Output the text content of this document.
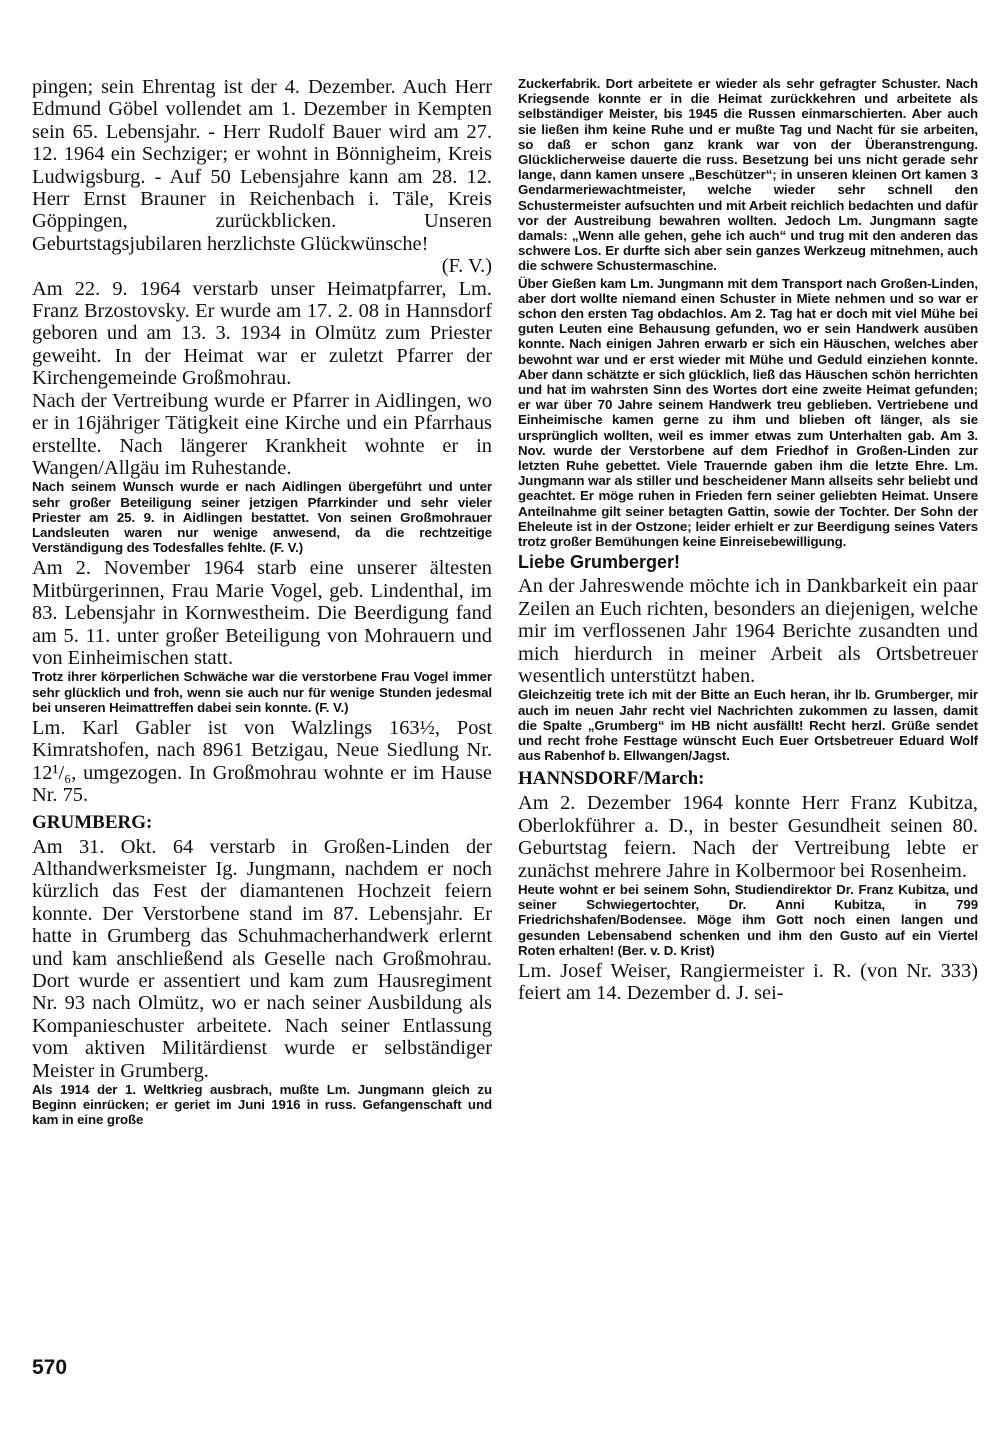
pingen; sein Ehrentag ist der 4. Dezember. Auch Herr Edmund Göbel vollendet am 1. Dezember in Kempten sein 65. Lebensjahr. - Herr Rudolf Bauer wird am 27. 12. 1964 ein Sechziger; er wohnt in Bönnigheim, Kreis Ludwigsburg. - Auf 50 Lebensjahre kann am 28. 12. Herr Ernst Brauner in Reichenbach i. Täle, Kreis Göppingen, zurückblicken. Unseren Geburtstagsjubilaren herzlichste Glückwünsche!

(F. V.)

Am 22. 9. 1964 verstarb unser Heimatpfarrer, Lm. Franz Brzostovsky. Er wurde am 17. 2. 08 in Hannsdorf geboren und am 13. 3. 1934 in Olmütz zum Priester geweiht. In der Heimat war er zuletzt Pfarrer der Kirchengemeinde Großmohrau.

Nach der Vertreibung wurde er Pfarrer in Aidlingen, wo er in 16jähriger Tätigkeit eine Kirche und ein Pfarrhaus erstellte. Nach längerer Krankheit wohnte er in Wangen/Allgäu im Ruhestande.

Nach seinem Wunsch wurde er nach Aidlingen übergeführt und unter sehr großer Beteiligung seiner jetzigen Pfarrkinder und sehr vieler Priester am 25. 9. in Aidlingen bestattet. Von seinen Großmohrauer Landsleuten waren nur wenige anwesend, da die rechtzeitige Verständigung des Todesfalles fehlte. (F. V.)

Am 2. November 1964 starb eine unserer ältesten Mitbürgerinnen, Frau Marie Vogel, geb. Lindenthal, im 83. Lebensjahr in Kornwestheim. Die Beerdigung fand am 5. 11. unter großer Beteiligung von Mohrauern und von Einheimischen statt.

Trotz ihrer körperlichen Schwäche war die verstorbene Frau Vogel immer sehr glücklich und froh, wenn sie auch nur für wenige Stunden jedesmal bei unseren Heimattreffen dabei sein konnte. (F. V.)

Lm. Karl Gabler ist von Walzlings 163½, Post Kimratshofen, nach 8961 Betzigau, Neue Siedlung Nr. 12¹/₆, umgezogen. In Großmohrau wohnte er im Hause Nr. 75.

GRUMBERG:

Am 31. Okt. 64 verstarb in Großen-Linden der Althandwerksmeister Ig. Jungmann, nachdem er noch kürzlich das Fest der diamantenen Hochzeit feiern konnte. Der Verstorbene stand im 87. Lebensjahr. Er hatte in Grumberg das Schuhmacherhandwerk erlernt und kam anschließend als Geselle nach Großmohrau. Dort wurde er assentiert und kam zum Hausregiment Nr. 93 nach Olmütz, wo er nach seiner Ausbildung als Kompanieschuster arbeitete. Nach seiner Entlassung vom aktiven Militärdienst wurde er selbständiger Meister in Grumberg.

Als 1914 der 1. Weltkrieg ausbrach, mußte Lm. Jungmann gleich zu Beginn einrücken; er geriet im Juni 1916 in russ. Gefangenschaft und kam in eine große

Zuckerfabrik. Dort arbeitete er wieder als sehr gefragter Schuster. Nach Kriegsende konnte er in die Heimat zurückkehren und arbeitete als selbständiger Meister, bis 1945 die Russen einmarschierten. Aber auch sie ließen ihm keine Ruhe und er mußte Tag und Nacht für sie arbeiten, so daß er schon ganz krank war von der Überanstrengung. Glücklicherweise dauerte die russ. Besetzung bei uns nicht gerade sehr lange, dann kamen unsere „Beschützer“; in unseren kleinen Ort kamen 3 Gendarmeriewachtmeister, welche wieder sehr schnell den Schustermeister aufsuchten und mit Arbeit reichlich bedachten und dafür vor der Austreibung bewahren wollten. Jedoch Lm. Jungmann sagte damals: „Wenn alle gehen, gehe ich auch“ und trug mit den anderen das schwere Los. Er durfte sich aber sein ganzes Werkzeug mitnehmen, auch die schwere Schustermaschine.

Über Gießen kam Lm. Jungmann mit dem Transport nach Großen-Linden, aber dort wollte niemand einen Schuster in Miete nehmen und so war er schon den ersten Tag obdachlos. Am 2. Tag hat er doch mit viel Mühe bei guten Leuten eine Behausung gefunden, wo er sein Handwerk ausüben konnte. Nach einigen Jahren erwarb er sich ein Häuschen, welches aber bewohnt war und er erst wieder mit Mühe und Geduld einziehen konnte. Aber dann schätzte er sich glücklich, ließ das Häuschen schön herrichten und hat im wahrsten Sinn des Wortes dort eine zweite Heimat gefunden; er war über 70 Jahre seinem Handwerk treu geblieben. Vertriebene und Einheimische kamen gerne zu ihm und blieben oft länger, als sie ursprünglich wollten, weil es immer etwas zum Unterhalten gab. Am 3. Nov. wurde der Verstorbene auf dem Friedhof in Großen-Linden zur letzten Ruhe gebettet. Viele Trauernde gaben ihm die letzte Ehre. Lm. Jungmann war als stiller und bescheidener Mann allseits sehr beliebt und geachtet. Er möge ruhen in Frieden fern seiner geliebten Heimat. Unsere Anteilnahme gilt seiner betagten Gattin, sowie der Tochter. Der Sohn der Eheleute ist in der Ostzone; leider erhielt er zur Beerdigung seines Vaters trotz großer Bemühungen keine Einreisebewilligung.

Liebe Grumberger!

An der Jahreswende möchte ich in Dankbarkeit ein paar Zeilen an Euch richten, besonders an diejenigen, welche mir im verflossenen Jahr 1964 Berichte zusandten und mich hierdurch in meiner Arbeit als Ortsbetreuer wesentlich unterstützt haben.

Gleichzeitig trete ich mit der Bitte an Euch heran, ihr lb. Grumberger, mir auch im neuen Jahr recht viel Nachrichten zukommen zu lassen, damit die Spalte „Grumberg“ im HB nicht ausfällt! Recht herzl. Grüße sendet und recht frohe Festtage wünscht Euch Euer Ortsbetreuer Eduard Wolf aus Rabenhof b. Ellwangen/Jagst.

HANNSDORF/March:

Am 2. Dezember 1964 konnte Herr Franz Kubitza, Oberlokführer a. D., in bester Gesundheit seinen 80. Geburtstag feiern. Nach der Vertreibung lebte er zunächst mehrere Jahre in Kolbermoor bei Rosenheim.

Heute wohnt er bei seinem Sohn, Studiendirektor Dr. Franz Kubitza, und seiner Schwiegertochter, Dr. Anni Kubitza, in 799 Friedrichshafen/Bodensee. Möge ihm Gott noch einen langen und gesunden Lebensabend schenken und ihm den Gusto auf ein Viertel Roten erhalten! (Ber. v. D. Krist)

Lm. Josef Weiser, Rangiermeister i. R. (von Nr. 333) feiert am 14. Dezember d. J. sei-

570
